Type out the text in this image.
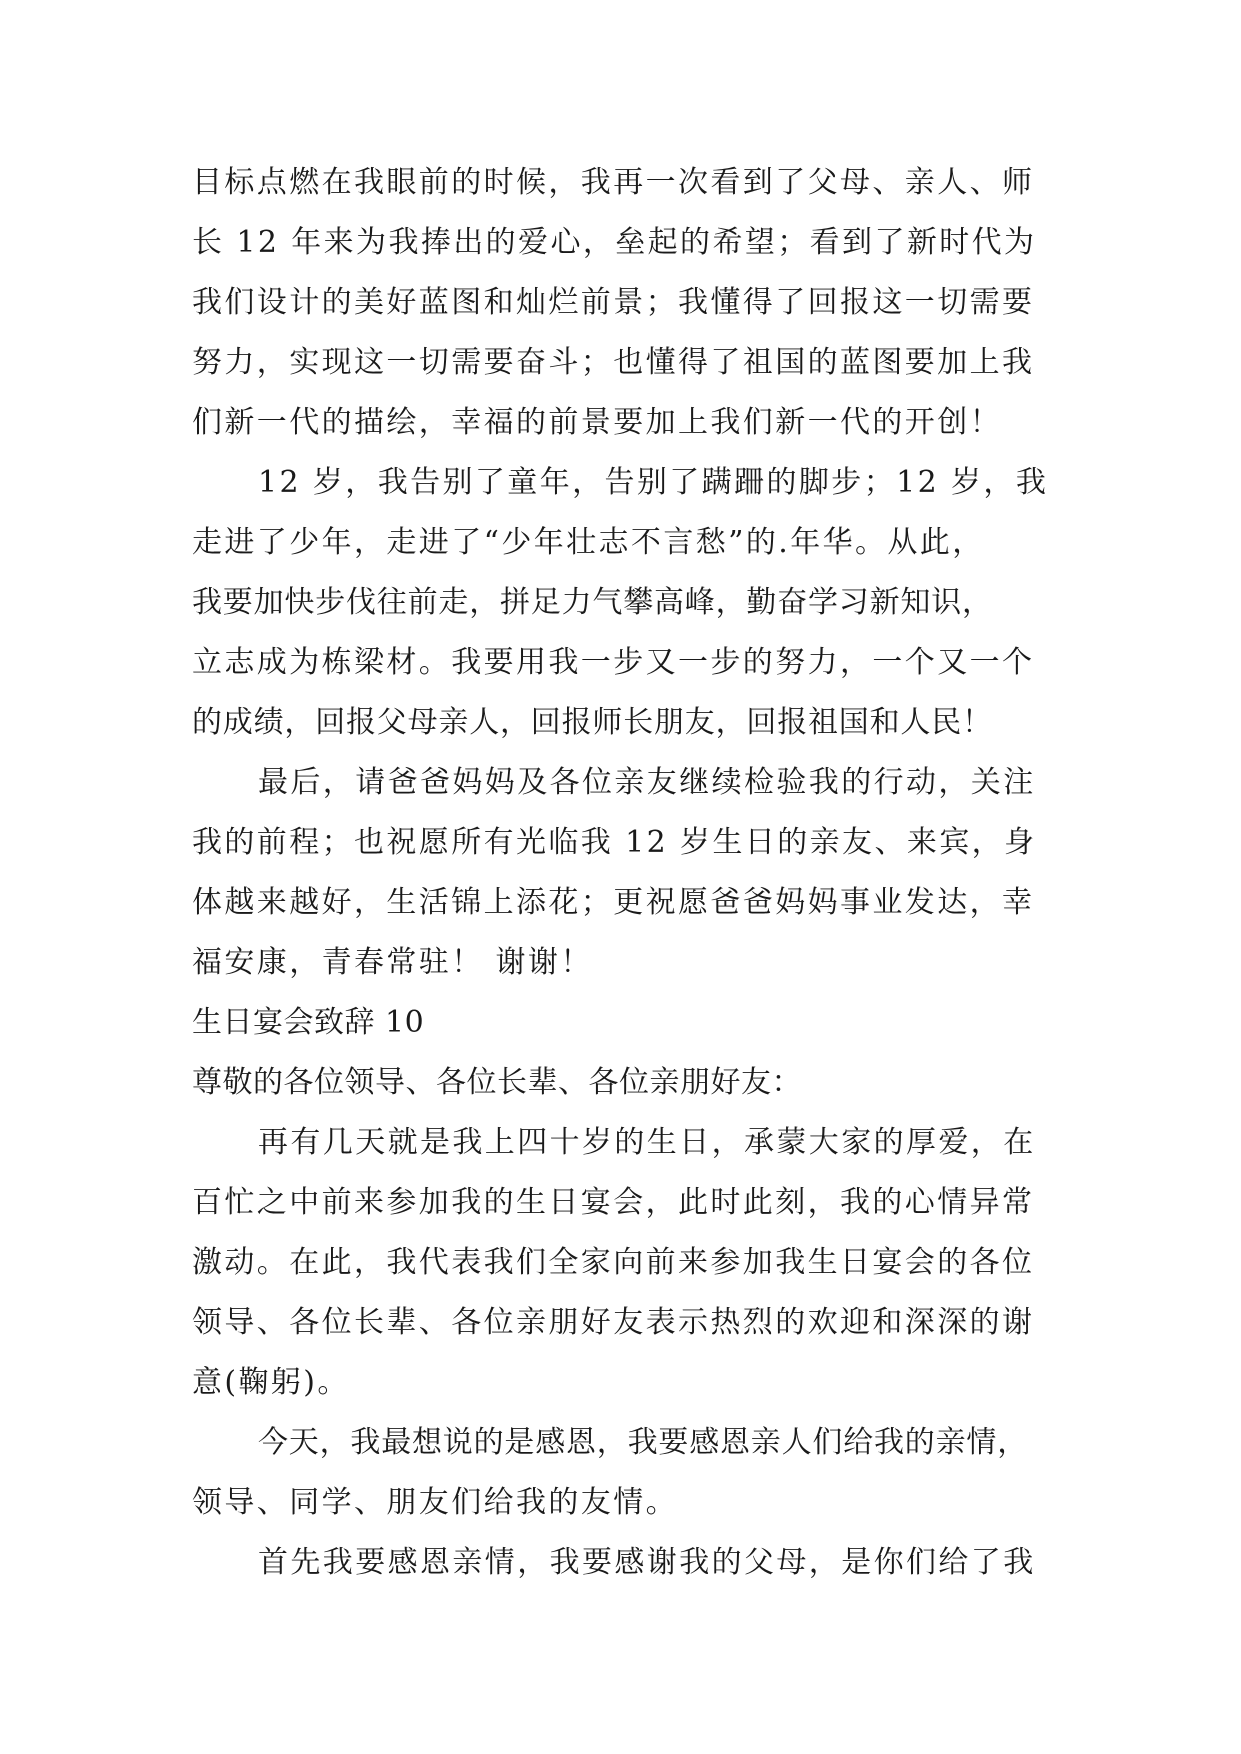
目标点燃在我眼前的时候，我再一次看到了父母、亲人、师
长 12 年来为我捧出的爱心，垒起的希望；看到了新时代为
我们设计的美好蓝图和灿烂前景；我懂得了回报这一切需要
努力，实现这一切需要奋斗；也懂得了祖国的蓝图要加上我
们新一代的描绘，幸福的前景要加上我们新一代的开创！
12 岁，我告别了童年，告别了蹒跚的脚步；12 岁，我
走进了少年，走进了“少年壮志不言愁”的.年华。从此，
我要加快步伐往前走，拼足力气攀高峰，勤奋学习新知识，
立志成为栋梁材。我要用我一步又一步的努力，一个又一个
的成绩，回报父母亲人，回报师长朋友，回报祖国和人民！
最后，请爸爸妈妈及各位亲友继续检验我的行动，关注
我的前程；也祝愿所有光临我 12 岁生日的亲友、来宾，身
体越来越好，生活锦上添花；更祝愿爸爸妈妈事业发达，幸
福安康，青春常驻！ 谢谢！
生日宴会致辞 10
尊敬的各位领导、各位长辈、各位亲朋好友：
再有几天就是我上四十岁的生日，承蒙大家的厚爱，在
百忙之中前来参加我的生日宴会，此时此刻，我的心情异常
激动。在此，我代表我们全家向前来参加我生日宴会的各位
领导、各位长辈、各位亲朋好友表示热烈的欢迎和深深的谢
意(鞠躬)。
今天，我最想说的是感恩，我要感恩亲人们给我的亲情，
领导、同学、朋友们给我的友情。
首先我要感恩亲情，我要感谢我的父母，是你们给了我
